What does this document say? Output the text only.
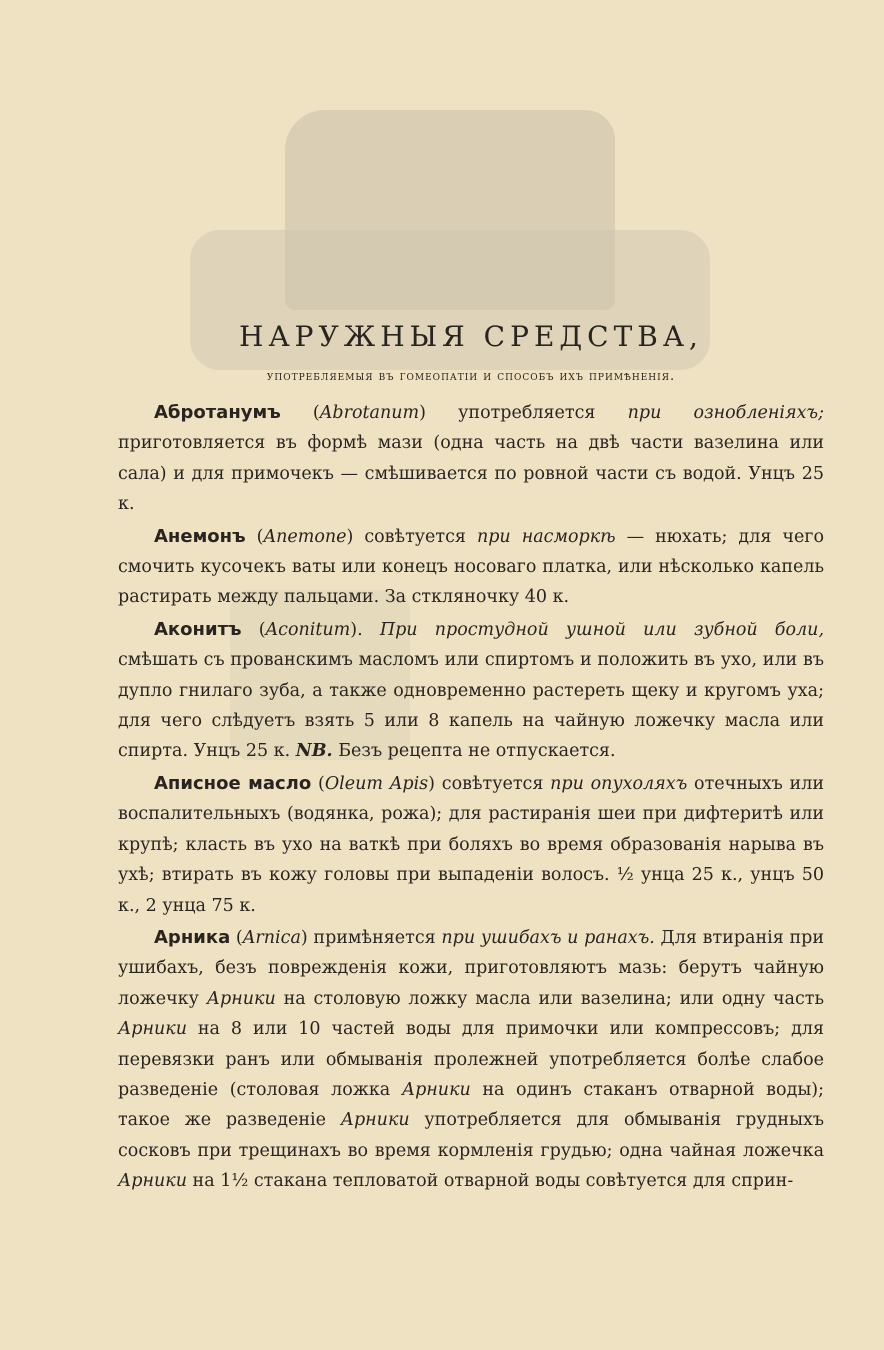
НАРУЖНЫЯ СРЕДСТВА,
употребляемыя въ гомеопатіи и способъ ихъ примѣненія.

Абротанумъ (Abrotanum) употребляется при ознобленіяхъ; приготовляется въ формѣ мази (одна часть на двѣ части вазелина или сала) и для примочекъ — смѣшивается по ровной части съ водой. Унцъ 25 к.

Анемонъ (Anemone) совѣтуется при насморкѣ — нюхать; для чего смочить кусочекъ ваты или конецъ носоваго платка, или нѣсколько капель растирать между пальцами. За стклянoчку 40 к.

Аконитъ (Aconitum). При простудной ушной или зубной боли, смѣшать съ прованскимъ масломъ или спиртомъ и положить въ ухо, или въ дупло гнилаго зуба, а также одновременно растереть щеку и кругомъ уха; для чего слѣдуетъ взять 5 или 8 капель на чайную ложечку масла или спирта. Унцъ 25 к. NB. Безъ рецепта не отпускается.

Аписное масло (Oleum Apis) совѣтуется при опухоляхъ отечныхъ или воспалительныхъ (водянка, рожа); для растиранія шеи при дифтеритѣ или крупѣ; класть въ ухо на ваткѣ при боляхъ во время образованія нарыва въ ухѣ; втирать въ кожу головы при выпаденіи волосъ. ½ унца 25 к., унцъ 50 к., 2 унца 75 к.

Арника (Arnica) примѣняется при ушибахъ и ранахъ. Для втиранія при ушибахъ, безъ поврежденія кожи, приготовляютъ мазь: берутъ чайную ложечку Арники на столовую ложку масла или вазелина; или одну часть Арники на 8 или 10 частей воды для примочки или компрессовъ; для перевязки ранъ или обмыванія пролежней употребляется болѣе слабое разведеніе (столовая ложка Арники на одинъ стаканъ отварной воды); такое же разведеніе Арники употребляется для обмыванія грудныхъ сосковъ при трещинахъ во время кормленія грудью; одна чайная ложечка Арники на 1½ стакана тепловатой отварной воды совѣтуется для сприн-
